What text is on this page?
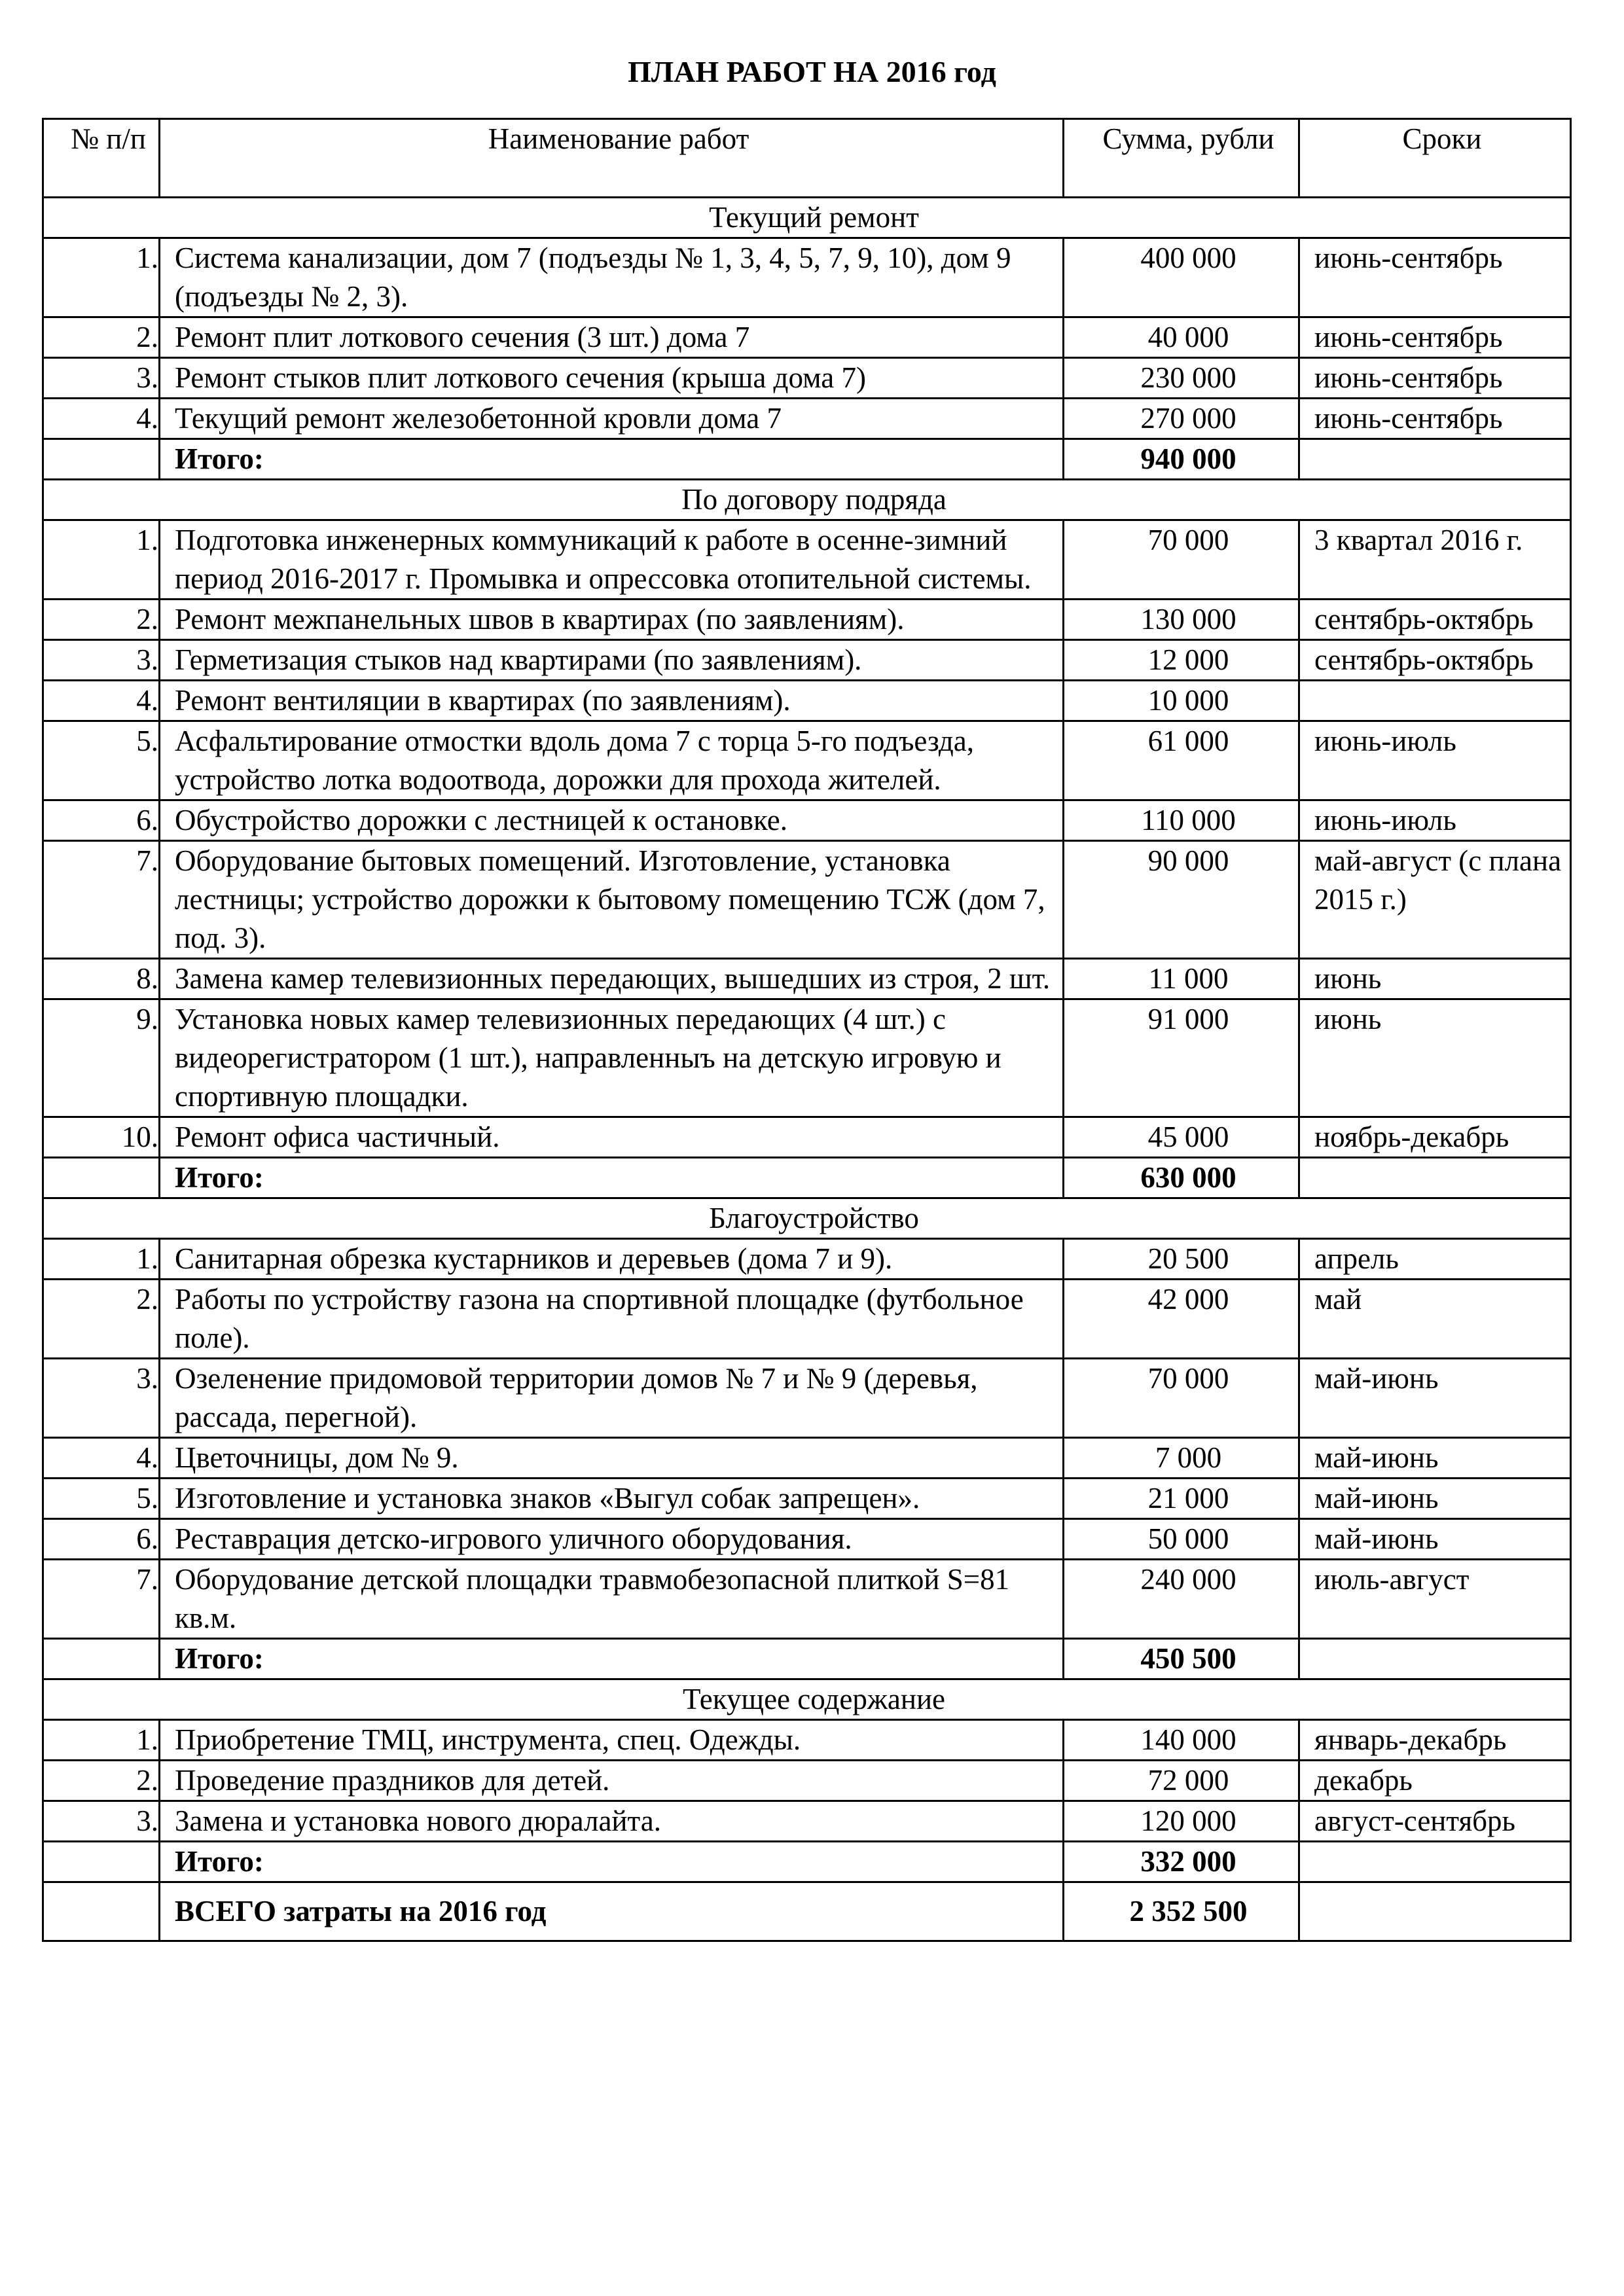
ПЛАН РАБОТ НА 2016 год
№ п/п	Наименование работ	Сумма, рубли	Сроки
Текущий ремонт			
1.	Система канализации, дом 7 (подъезды № 1, 3, 4, 5, 7, 9, 10), дом 9 (подъезды № 2, 3).	400 000	июнь-сентябрь
2.	Ремонт плит лоткового сечения (3 шт.) дома 7	40 000	июнь-сентябрь
3.	Ремонт стыков плит лоткового сечения (крыша дома 7)	230 000	июнь-сентябрь
4.	Текущий ремонт железобетонной кровли дома 7	270 000	июнь-сентябрь
	Итого:	940 000	
По договору подряда			
1.	Подготовка инженерных коммуникаций к работе в осенне-зимний период 2016-2017 г. Промывка и опрессовка отопительной системы.	70 000	3 квартал 2016 г.
2.	Ремонт межпанельных швов в квартирах (по заявлениям).	130 000	сентябрь-октябрь
3.	Герметизация стыков над квартирами (по заявлениям).	12 000	сентябрь-октябрь
4.	Ремонт вентиляции в квартирах (по заявлениям).	10 000	
5.	Асфальтирование отмостки вдоль дома 7 с торца 5-го подъезда, устройство лотка водоотвода, дорожки для прохода жителей.	61 000	июнь-июль
6.	Обустройство дорожки с лестницей к остановке.	110 000	июнь-июль
7.	Оборудование бытовых помещений. Изготовление, установка лестницы; устройство дорожки к бытовому помещению ТСЖ (дом 7, под. 3).	90 000	май-август (с плана 2015 г.)
8.	Замена камер телевизионных передающих, вышедших из строя, 2 шт.	11 000	июнь
9.	Установка новых камер телевизионных передающих (4 шт.) с видеорегистратором (1 шт.), направленныъ на детскую игровую и спортивную площадки.	91 000	июнь
10.	Ремонт офиса частичный.	45 000	ноябрь-декабрь
	Итого:	630 000	
Благоустройство			
1.	Санитарная обрезка кустарников и деревьев (дома 7 и 9).	20 500	апрель
2.	Работы по устройству газона на спортивной площадке (футбольное поле).	42 000	май
3.	Озеленение придомовой территории домов № 7 и № 9 (деревья, рассада, перегной).	70 000	май-июнь
4.	Цветочницы, дом № 9.	7 000	май-июнь
5.	Изготовление и установка знаков «Выгул собак запрещен».	21 000	май-июнь
6.	Реставрация детско-игрового уличного оборудования.	50 000	май-июнь
7.	Оборудование детской площадки травмобезопасной плиткой S=81 кв.м.	240 000	июль-август
	Итого:	450 500	
Текущее содержание			
1.	Приобретение ТМЦ, инструмента, спец. Одежды.	140 000	январь-декабрь
2.	Проведение праздников для детей.	72 000	декабрь
3.	Замена и установка нового дюралайта.	120 000	август-сентябрь
	Итого:	332 000	
	ВСЕГО затраты на 2016 год	2 352 500	
